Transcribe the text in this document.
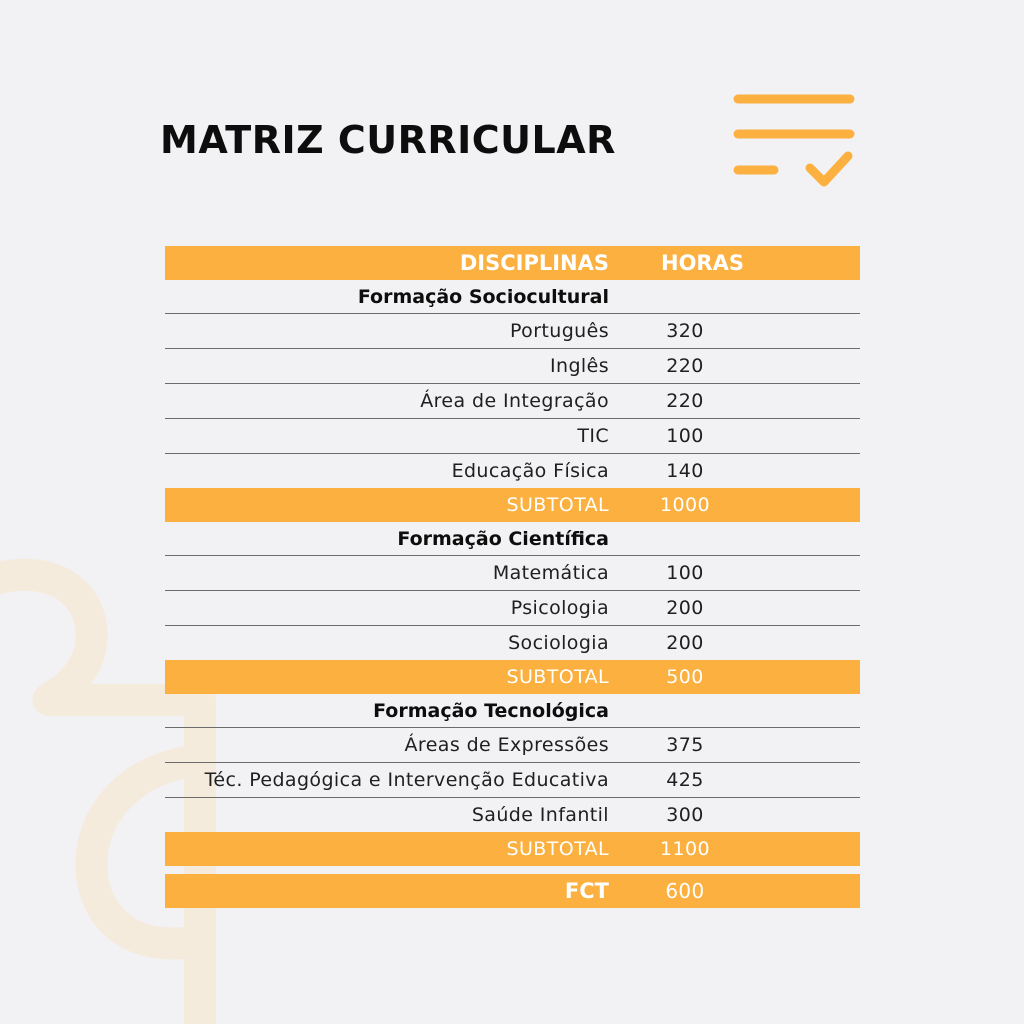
MATRIZ CURRICULAR
DISCIPLINAS HORAS
Formação Sociocultural
Português	320
Inglês	220
Área de Integração	220
TIC	100
Educação Física	140
SUBTOTAL	1000
Formação Científica
Matemática	100
Psicologia	200
Sociologia	200
SUBTOTAL	500
Formação Tecnológica
Áreas de Expressões	375
Téc. Pedagógica e Intervenção Educativa	425
Saúde Infantil	300
SUBTOTAL	1100
FCT	600
